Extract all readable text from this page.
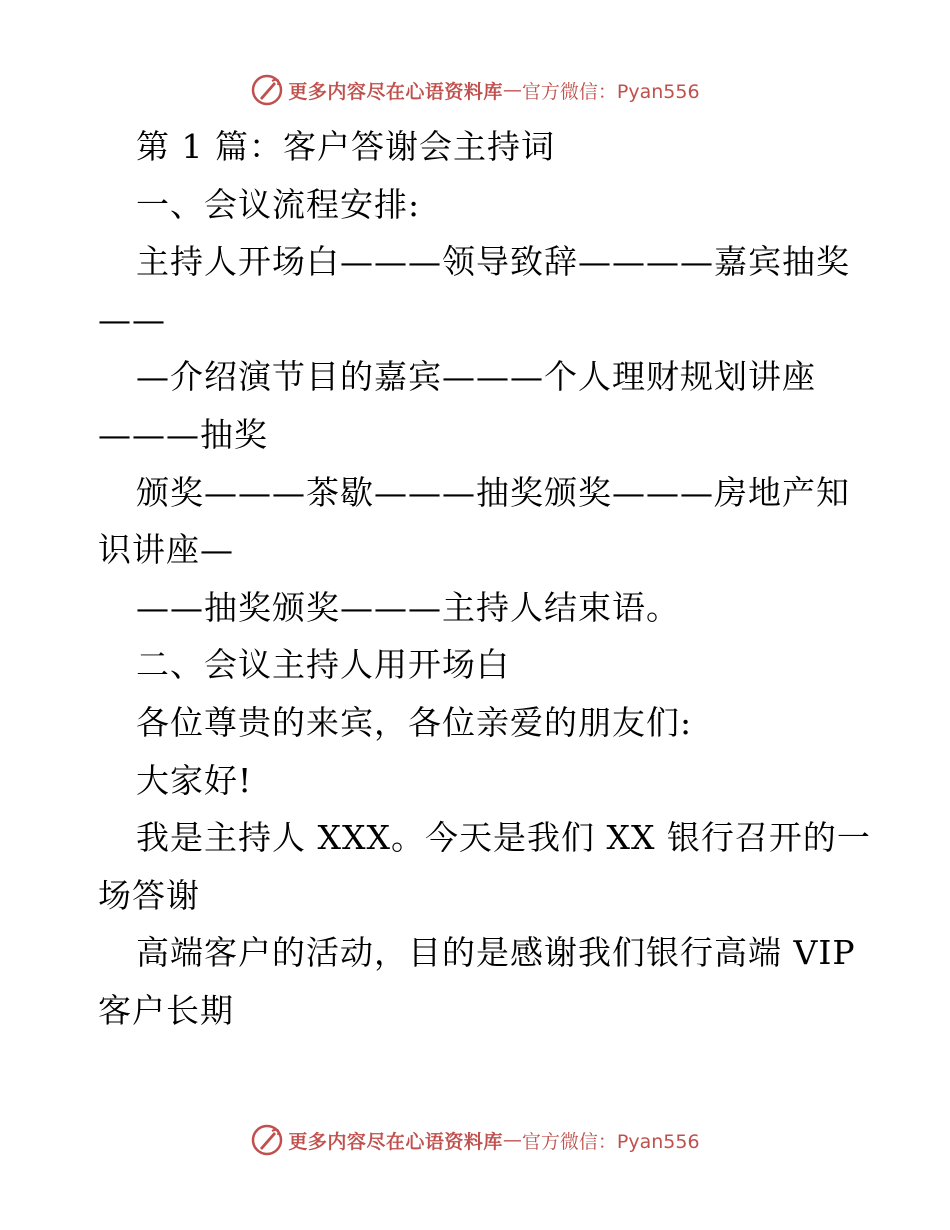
更多内容尽在心语资料库 — 官方微信：Pyan556
第 1 篇：客户答谢会主持词
一、会议流程安排:
主持人开场白———领导致辞————嘉宾抽奖
——
—介绍演节目的嘉宾———个人理财规划讲座
———抽奖
颁奖———茶歇———抽奖颁奖———房地产知
识讲座—
——抽奖颁奖———主持人结束语。
二、会议主持人用开场白
各位尊贵的来宾，各位亲爱的朋友们:
大家好!
我是主持人 XXX。今天是我们 XX 银行召开的一
场答谢
高端客户的活动，目的是感谢我们银行高端 VIP
客户长期
更多内容尽在心语资料库 — 官方微信：Pyan556
